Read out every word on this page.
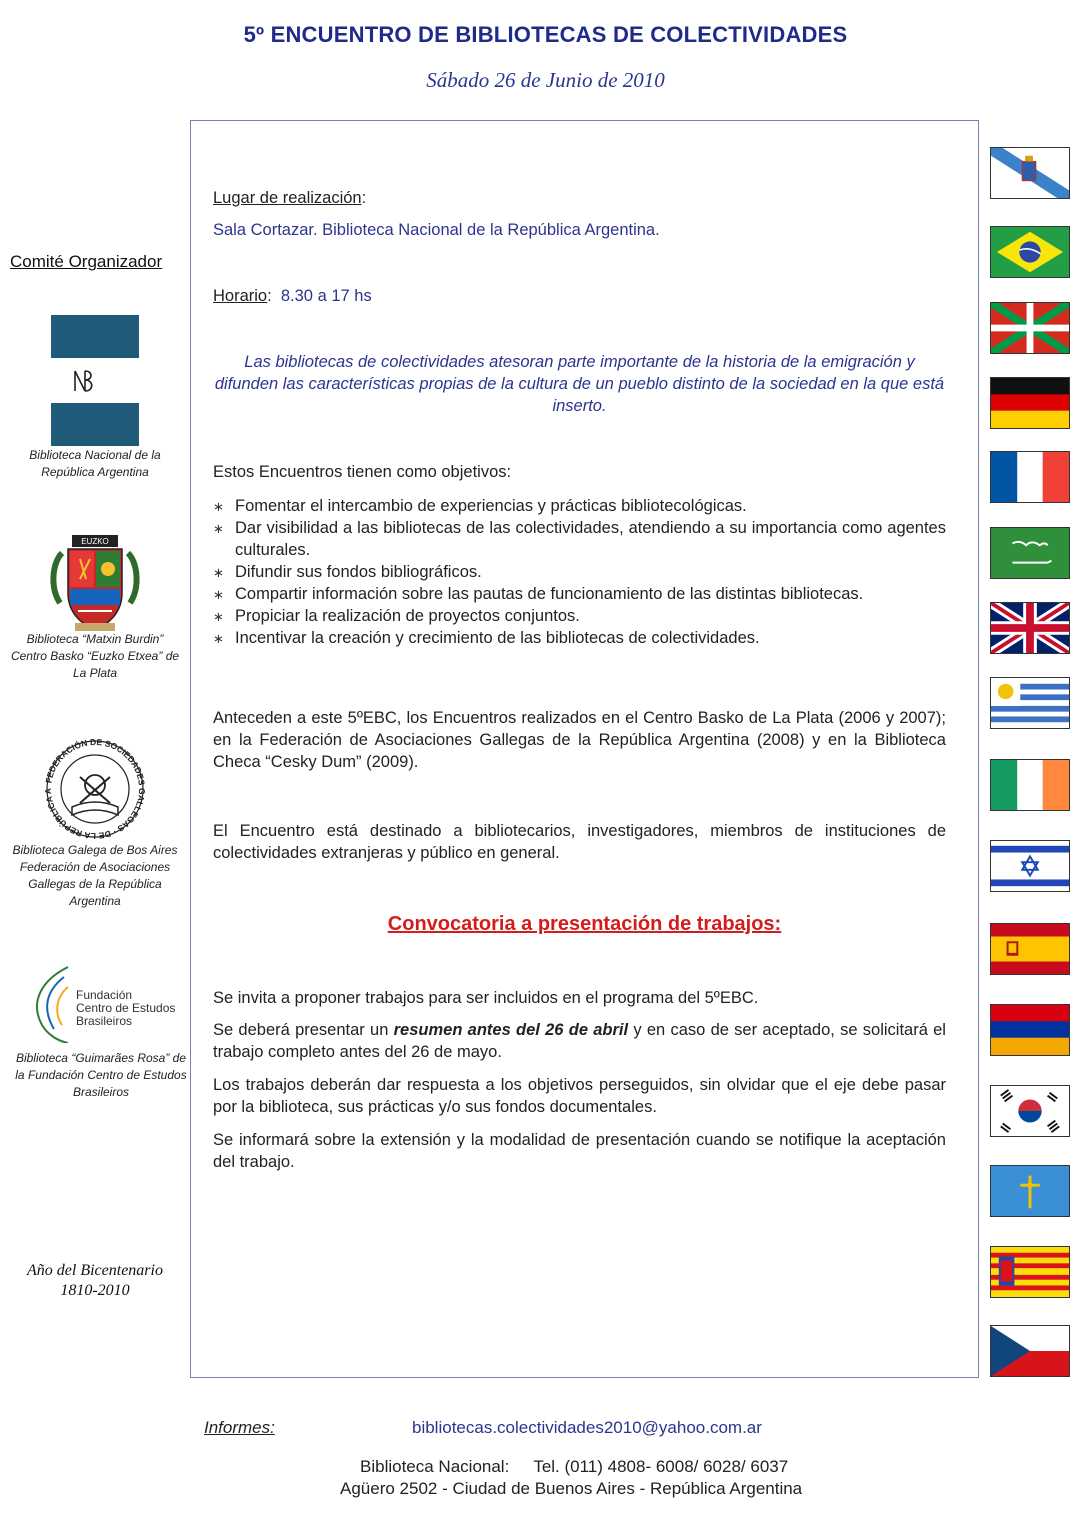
5º ENCUENTRO DE BIBLIOTECAS DE COLECTIVIDADES
Sábado 26 de Junio de 2010
Comité Organizador
Biblioteca Nacional de la República Argentina
EUZKO
Biblioteca “Matxin Burdin” Centro Basko “Euzko Etxea” de La Plata
FEDERACIÓN DE SOCIEDADES GALLEGAS · DE LA REPÚBLICA A
Biblioteca Galega de Bos Aires Federación de Asociaciones Gallegas de la República Argentina
Fundación
Centro de Estudos
Brasileiros
Biblioteca “Guimarães Rosa” de la Fundación Centro de Estudos Brasileiros
Año del Bicentenario
1810-2010
Lugar de realización:
Sala Cortazar. Biblioteca Nacional de la República Argentina.
Horario:  8.30 a 17 hs
Las bibliotecas de colectividades atesoran parte importante de la historia de la emigración y difunden las características propias de la cultura de un pueblo distinto de la sociedad en la que está inserto.
Estos Encuentros tienen como objetivos:
∗ Fomentar el intercambio de experiencias y prácticas bibliotecológicas.
∗ Dar visibilidad a las bibliotecas de las colectividades, atendiendo a su importancia como agentes culturales.
∗ Difundir sus fondos bibliográficos.
∗ Compartir información sobre las pautas de funcionamiento de las distintas bibliotecas.
∗ Propiciar la realización de proyectos conjuntos.
∗ Incentivar la creación y crecimiento de las bibliotecas de colectividades.
Anteceden a este 5ºEBC, los Encuentros realizados en el Centro Basko de La Plata (2006 y 2007); en la Federación de Asociaciones Gallegas de la República Argentina (2008) y en la Biblioteca Checa “Cesky Dum” (2009).
El Encuentro está destinado a bibliotecarios, investigadores, miembros de instituciones de colectividades extranjeras y público en general.
Convocatoria a presentación de trabajos:
Se invita a proponer trabajos para ser incluidos en el programa del 5ºEBC.
Se deberá presentar un resumen antes del 26 de abril y en caso de ser aceptado, se solicitará el trabajo completo antes del 26 de mayo.
Los trabajos deberán dar respuesta a los objetivos perseguidos, sin olvidar que el eje debe pasar por la biblioteca, sus prácticas y/o sus fondos documentales.
Se informará sobre la extensión y la modalidad de presentación cuando se notifique la aceptación del trabajo.
Informes:	bibliotecas.colectividades2010@yahoo.com.ar
Biblioteca Nacional: Tel. (011) 4808- 6008/ 6028/ 6037
Agüero 2502 - Ciudad de Buenos Aires - República Argentina
